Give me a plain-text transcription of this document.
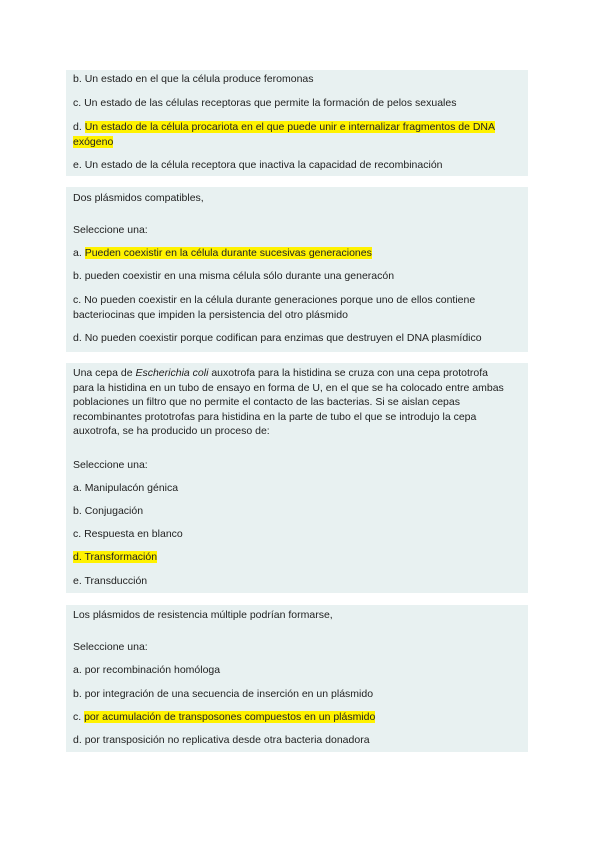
b. Un estado en el que la célula produce feromonas
c. Un estado de las células receptoras que permite la formación de pelos sexuales
d. Un estado de la célula procariota en el que puede unir e internalizar fragmentos de DNA
exógeno
e. Un estado de la célula receptora que inactiva la capacidad de recombinación
Dos plásmidos compatibles,
Seleccione una:
a. Pueden coexistir en la célula durante sucesivas generaciones
b. pueden coexistir en una misma célula sólo durante una generacón
c. No pueden coexistir en la célula durante generaciones porque uno de ellos contiene
bacteriocinas que impiden la persistencia del otro plásmido
d. No pueden coexistir porque codifican para enzimas que destruyen el DNA plasmídico
Una cepa de Escherichia coli auxotrofa para la histidina se cruza con una cepa prototrofa
para la histidina en un tubo de ensayo en forma de U, en el que se ha colocado entre ambas
poblaciones un filtro que no permite el contacto de las bacterias. Si se aislan cepas
recombinantes prototrofas para histidina en la parte de tubo el que se introdujo la cepa
auxotrofa, se ha producido un proceso de:
Seleccione una:
a. Manipulacón génica
b. Conjugación
c. Respuesta en blanco
d. Transformación
e. Transducción
Los plásmidos de resistencia múltiple podrían formarse,
Seleccione una:
a. por recombinación homóloga
b. por integración de una secuencia de inserción en un plásmido
c. por acumulación de transposones compuestos en un plásmido
d. por transposición no replicativa desde otra bacteria donadora
